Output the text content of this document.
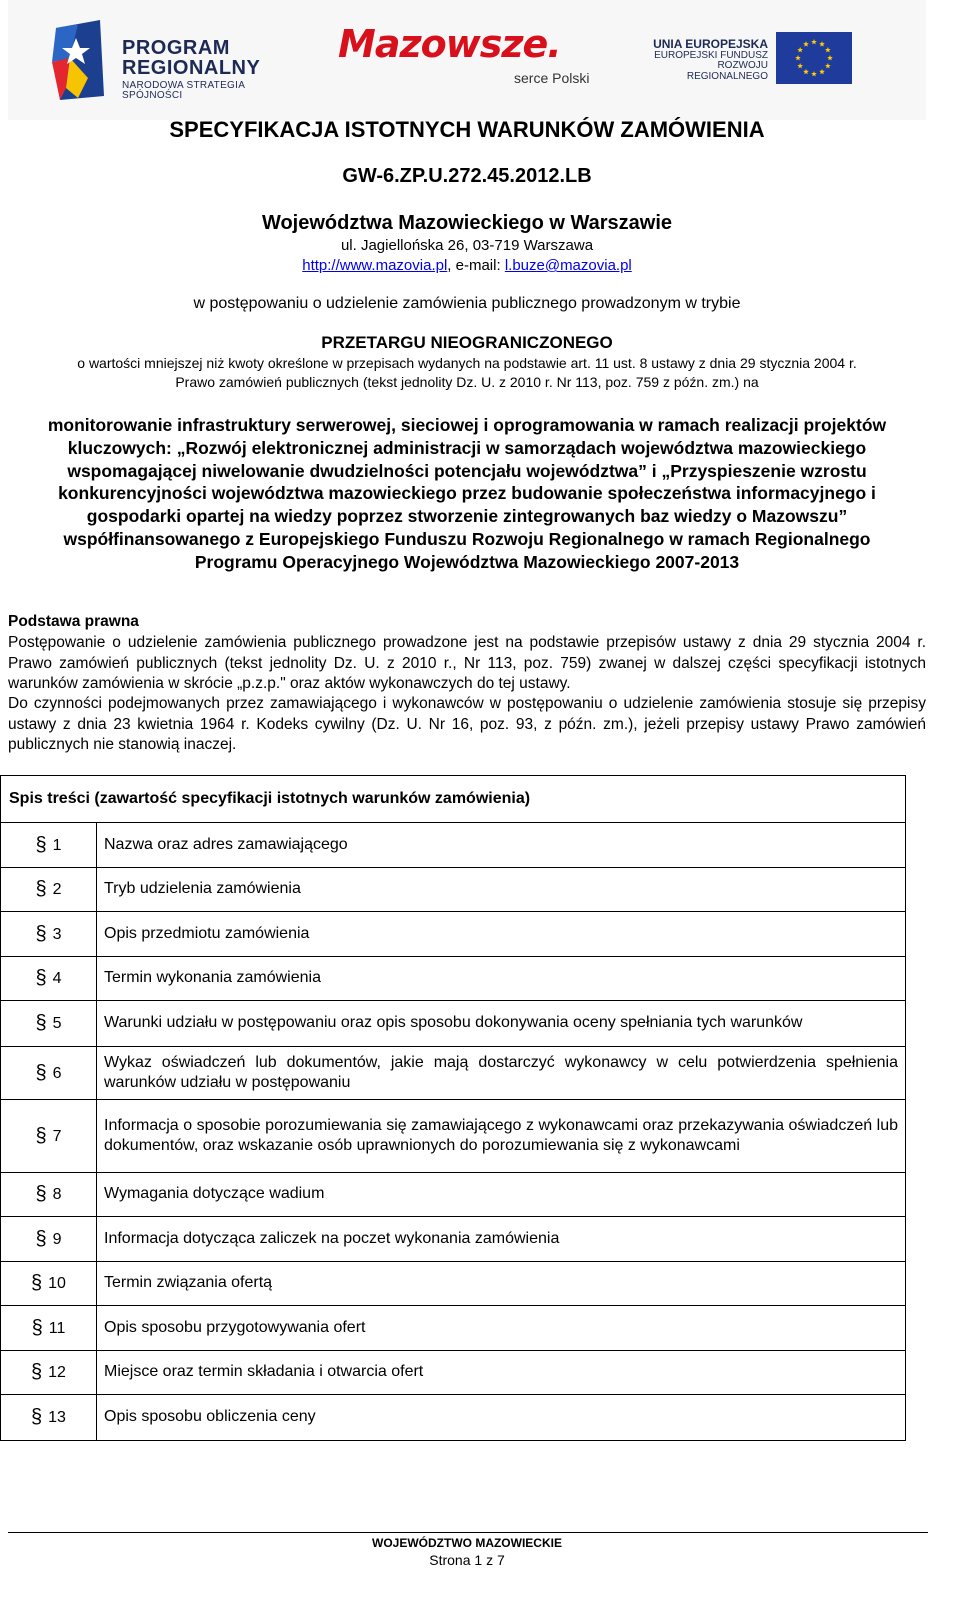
PROGRAM
REGIONALNY
NARODOWA STRATEGIA SPÓJNOŚCI
Mazowsze.
serce Polski
UNIA EUROPEJSKA
EUROPEJSKI FUNDUSZ
ROZWOJU REGIONALNEGO
SPECYFIKACJA ISTOTNYCH WARUNKÓW ZAMÓWIENIA
GW-6.ZP.U.272.45.2012.LB
Województwa Mazowieckiego w Warszawie
ul. Jagiellońska 26, 03-719 Warszawa
http://www.mazovia.pl, e-mail: l.buze@mazovia.pl
w postępowaniu o udzielenie zamówienia publicznego prowadzonym w trybie
PRZETARGU NIEOGRANICZONEGO
o wartości mniejszej niż kwoty określone w przepisach wydanych na podstawie art. 11 ust. 8 ustawy z dnia 29 stycznia 2004 r.
Prawo zamówień publicznych (tekst jednolity Dz. U. z 2010 r. Nr 113, poz. 759 z późn. zm.) na
monitorowanie infrastruktury serwerowej, sieciowej i oprogramowania w ramach realizacji projektów kluczowych: „Rozwój elektronicznej administracji w samorządach województwa mazowieckiego wspomagającej niwelowanie dwudzielności potencjału województwa” i „Przyspieszenie wzrostu konkurencyjności województwa mazowieckiego przez budowanie społeczeństwa informacyjnego i gospodarki opartej na wiedzy poprzez stworzenie zintegrowanych baz wiedzy o Mazowszu” współfinansowanego z Europejskiego Funduszu Rozwoju Regionalnego w ramach Regionalnego Programu Operacyjnego Województwa Mazowieckiego 2007-2013
Podstawa prawna
Postępowanie o udzielenie zamówienia publicznego prowadzone jest na podstawie przepisów ustawy z dnia 29 stycznia 2004 r. Prawo zamówień publicznych (tekst jednolity Dz. U. z 2010 r., Nr 113, poz. 759) zwanej w dalszej części specyfikacji istotnych warunków zamówienia w skrócie „p.z.p." oraz aktów wykonawczych do tej ustawy.
Do czynności podejmowanych przez zamawiającego i wykonawców w postępowaniu o udzielenie zamówienia stosuje się przepisy ustawy z dnia 23 kwietnia 1964 r. Kodeks cywilny (Dz. U. Nr 16, poz. 93, z późn. zm.), jeżeli przepisy ustawy Prawo zamówień publicznych nie stanowią inaczej.
Spis treści (zawartość specyfikacji istotnych warunków zamówienia)	
§ 1	Nazwa oraz adres zamawiającego
§ 2	Tryb udzielenia zamówienia
§ 3	Opis przedmiotu zamówienia
§ 4	Termin wykonania zamówienia
§ 5	Warunki udziału w postępowaniu oraz opis sposobu dokonywania oceny spełniania tych warunków
§ 6	Wykaz oświadczeń lub dokumentów, jakie mają dostarczyć wykonawcy w celu potwierdzenia spełnienia warunków udziału w postępowaniu
§ 7	Informacja o sposobie porozumiewania się zamawiającego z wykonawcami oraz przekazywania oświadczeń lub dokumentów, oraz wskazanie osób uprawnionych do porozumiewania się z wykonawcami
§ 8	Wymagania dotyczące wadium
§ 9	Informacja dotycząca zaliczek na poczet wykonania zamówienia
§ 10	Termin związania ofertą
§ 11	Opis sposobu przygotowywania ofert
§ 12	Miejsce oraz termin składania i otwarcia ofert
§ 13	Opis sposobu obliczenia ceny
WOJEWÓDZTWO MAZOWIECKIE
Strona 1 z 7
